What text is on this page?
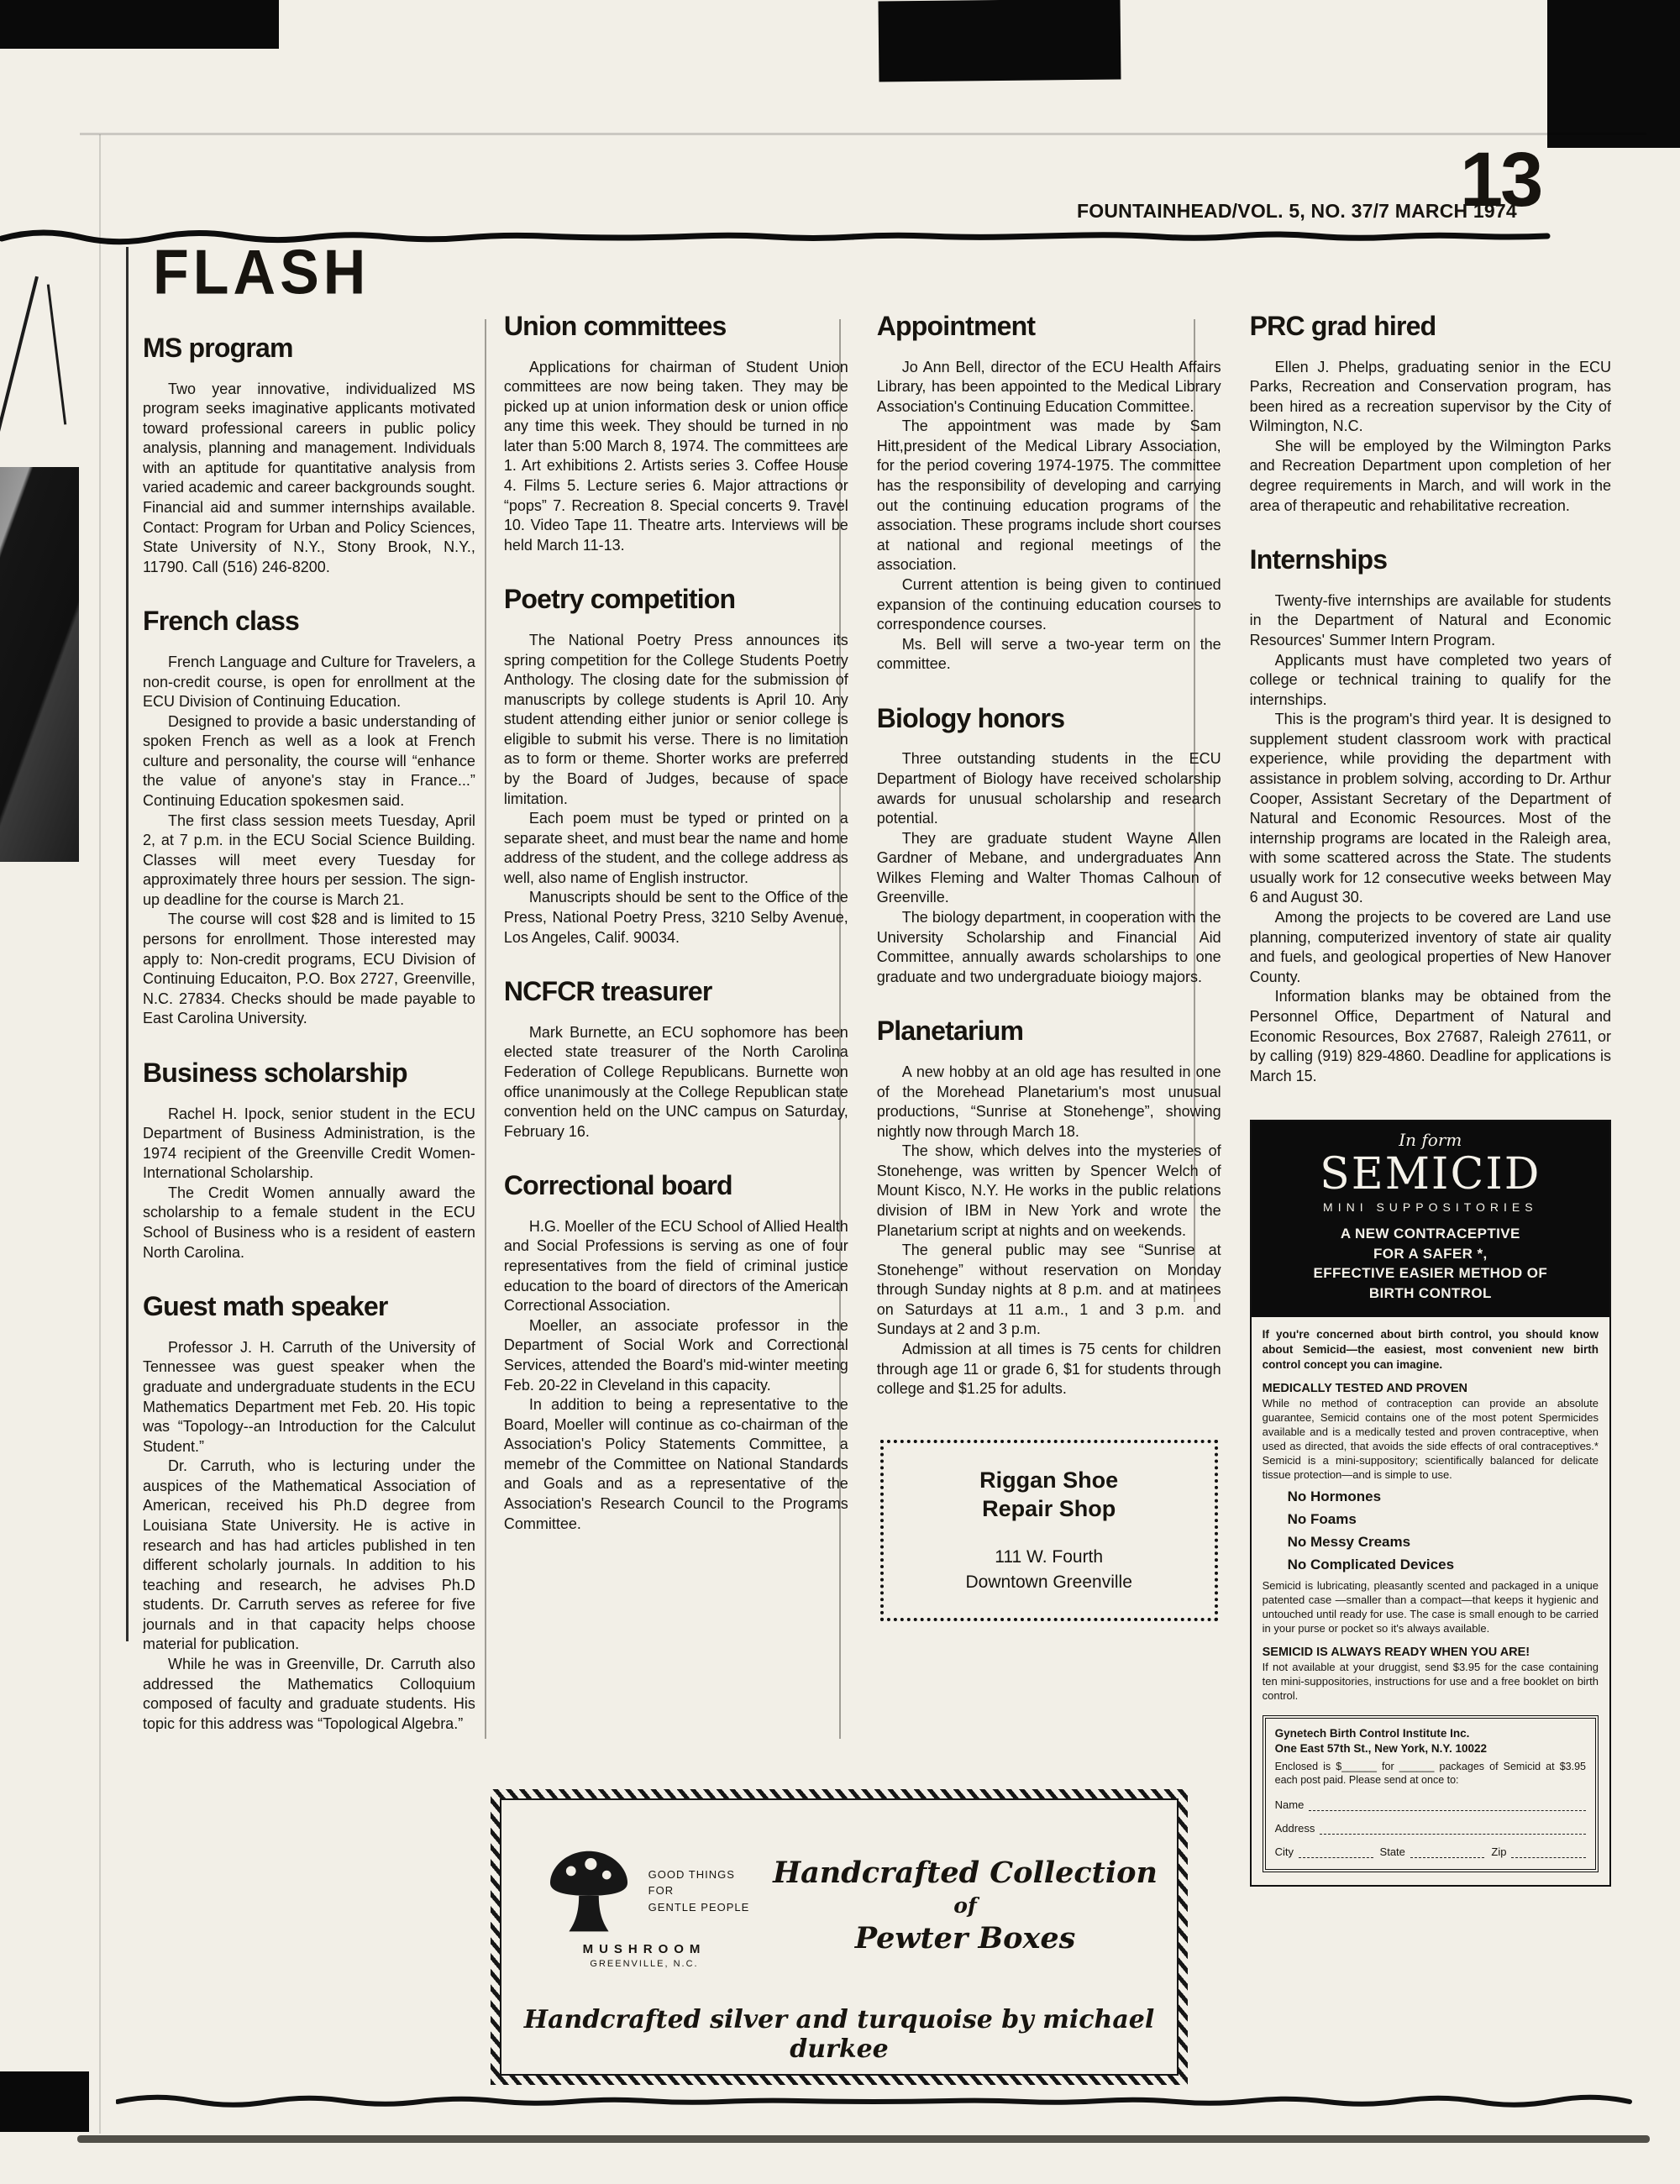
FOUNTAINHEAD/VOL. 5, NO. 37/7 MARCH 1974
13
FLASH
MS program

Two year innovative, individualized MS program seeks imaginative applicants motivated toward professional careers in public policy analysis, planning and management. Individuals with an aptitude for quantitative analysis from varied academic and career backgrounds sought. Financial aid and summer internships available. Contact: Program for Urban and Policy Sciences, State University of N.Y., Stony Brook, N.Y., 11790. Call (516) 246-8200.

French class

French Language and Culture for Travelers, a non-credit course, is open for enrollment at the ECU Division of Continuing Education.

Designed to provide a basic understanding of spoken French as well as a look at French culture and personality, the course will “enhance the value of anyone's stay in France...” Continuing Education spokesmen said.

The first class session meets Tuesday, April 2, at 7 p.m. in the ECU Social Science Building. Classes will meet every Tuesday for approximately three hours per session. The sign-up deadline for the course is March 21.

The course will cost $28 and is limited to 15 persons for enrollment. Those interested may apply to: Non-credit programs, ECU Division of Continuing Educaiton, P.O. Box 2727, Greenville, N.C. 27834. Checks should be made payable to East Carolina University.

Business scholarship

Rachel H. Ipock, senior student in the ECU Department of Business Administration, is the 1974 recipient of the Greenville Credit Women-International Scholarship.

The Credit Women annually award the scholarship to a female student in the ECU School of Business who is a resident of eastern North Carolina.

Guest math speaker

Professor J. H. Carruth of the University of Tennessee was guest speaker when the graduate and undergraduate students in the ECU Mathematics Department met Feb. 20. His topic was “Topology--an Introduction for the Calculut Student.”

Dr. Carruth, who is lecturing under the auspices of the Mathematical Association of American, received his Ph.D degree from Louisiana State University. He is active in research and has had articles published in ten different scholarly journals. In addition to his teaching and research, he advises Ph.D students. Dr. Carruth serves as referee for five journals and in that capacity helps choose material for publication.

While he was in Greenville, Dr. Carruth also addressed the Mathematics Colloquium composed of faculty and graduate students. His topic for this address was “Topological Algebra.”

Union committees

Applications for chairman of Student Union committees are now being taken. They may be picked up at union information desk or union office any time this week. They should be turned in no later than 5:00 March 8, 1974. The committees are 1. Art exhibitions 2. Artists series 3. Coffee House 4. Films 5. Lecture series 6. Major attractions or “pops” 7. Recreation 8. Special concerts 9. Travel 10. Video Tape 11. Theatre arts. Interviews will be held March 11-13.

Poetry competition

The National Poetry Press announces its spring competition for the College Students Poetry Anthology. The closing date for the submission of manuscripts by college students is April 10. Any student attending either junior or senior college is eligible to submit his verse. There is no limitation as to form or theme. Shorter works are preferred by the Board of Judges, because of space limitation.

Each poem must be typed or printed on a separate sheet, and must bear the name and home address of the student, and the college address as well, also name of English instructor.

Manuscripts should be sent to the Office of the Press, National Poetry Press, 3210 Selby Avenue, Los Angeles, Calif. 90034.

NCFCR treasurer

Mark Burnette, an ECU sophomore has been elected state treasurer of the North Carolina Federation of College Republicans. Burnette won office unanimously at the College Republican state convention held on the UNC campus on Saturday, February 16.

Correctional board

H.G. Moeller of the ECU School of Allied Health and Social Professions is serving as one of four representatives from the field of criminal justice education to the board of directors of the American Correctional Association.

Moeller, an associate professor in the Department of Social Work and Correctional Services, attended the Board's mid-winter meeting Feb. 20-22 in Cleveland in this capacity.

In addition to being a representative to the Board, Moeller will continue as co-chairman of the Association's Policy Statements Committee, a memebr of the Committee on National Standards and Goals and as a representative of the Association's Research Council to the Programs Committee.

Appointment

Jo Ann Bell, director of the ECU Health Affairs Library, has been appointed to the Medical Library Association's Continuing Education Committee.

The appointment was made by Sam Hitt,president of the Medical Library Association, for the period covering 1974-1975. The committee has the responsibility of developing and carrying out the continuing education programs of the association. These programs include short courses at national and regional meetings of the association.

Current attention is being given to continued expansion of the continuing education courses to correspondence courses.

Ms. Bell will serve a two-year term on the committee.

Biology honors

Three outstanding students in the ECU Department of Biology have received scholarship awards for unusual scholarship and research potential.

They are graduate student Wayne Allen Gardner of Mebane, and undergraduates Ann Wilkes Fleming and Walter Thomas Calhoun of Greenville.

The biology department, in cooperation with the University Scholarship and Financial Aid Committee, annually awards scholarships to one graduate and two undergraduate bioiogy majors.

Planetarium

A new hobby at an old age has resulted in one of the Morehead Planetarium's most unusual productions, “Sunrise at Stonehenge”, showing nightly now through March 18.

The show, which delves into the mysteries of Stonehenge, was written by Spencer Welch of Mount Kisco, N.Y. He works in the public relations division of IBM in New York and wrote the Planetarium script at nights and on weekends.

The general public may see “Sunrise at Stonehenge” without reservation on Monday through Sunday nights at 8 p.m. and at matinees on Saturdays at 11 a.m., 1 and 3 p.m. and Sundays at 2 and 3 p.m.

Admission at all times is 75 cents for children through age 11 or grade 6, $1 for students through college and $1.25 for adults.

Riggan Shoe
Repair Shop
111 W. Fourth
Downtown Greenville
PRC grad hired

Ellen J. Phelps, graduating senior in the ECU Parks, Recreation and Conservation program, has been hired as a recreation supervisor by the City of Wilmington, N.C.

She will be employed by the Wilmington Parks and Recreation Department upon completion of her degree requirements in March, and will work in the area of therapeutic and rehabilitative recreation.

Internships

Twenty-five internships are available for students in the Department of Natural and Economic Resources' Summer Intern Program.

Applicants must have completed two years of college or technical training to qualify for the internships.

This is the program's third year. It is designed to supplement student classroom work with practical experience, while providing the department with assistance in problem solving, according to Dr. Arthur Cooper, Assistant Secretary of the Department of Natural and Economic Resources. Most of the internship programs are located in the Raleigh area, with some scattered across the State. The students usually work for 12 consecutive weeks between May 6 and August 30.

Among the projects to be covered are Land use planning, computerized inventory of state air quality and fuels, and geological properties of New Hanover County.

Information blanks may be obtained from the Personnel Office, Department of Natural and Economic Resources, Box 27687, Raleigh 27611, or by calling (919) 829-4860. Deadline for applications is March 15.

In form
SEMICID
MINI SUPPOSITORIES
A NEW CONTRACEPTIVE
FOR A SAFER *,
EFFECTIVE EASIER METHOD OF
BIRTH CONTROL

If you're concerned about birth control, you should know about Semicid—the easiest, most convenient new birth control concept you can imagine.

MEDICALLY TESTED AND PROVEN

While no method of contraception can provide an absolute guarantee, Semicid contains one of the most potent Spermicides available and is a medically tested and proven contraceptive, when used as directed, that avoids the side effects of oral contraceptives.* Semicid is a mini-suppository; scientifically balanced for delicate tissue protection—and is simple to use.

No Hormones
No Foams
No Messy Creams
No Complicated Devices

Semicid is lubricating, pleasantly scented and packaged in a unique patented case —smaller than a compact—that keeps it hygienic and untouched until ready for use. The case is small enough to be carried in your purse or pocket so it's always available.

SEMICID IS ALWAYS READY WHEN YOU ARE!

If not available at your druggist, send $3.95 for the case containing ten mini-suppositories, instructions for use and a free booklet on birth control.

Gynetech Birth Control Institute Inc.
One East 57th St., New York, N.Y. 10022

Enclosed is $______ for ______ packages of Semicid at $3.95 each post paid. Please send at once to:

Name
Address
City	State	Zip
GOOD THINGS
FOR
GENTLE PEOPLE
MUSHROOM
GREENVILLE, N.C.
Handcrafted Collection
of
Pewter Boxes
Handcrafted silver and turquoise by michael durkee
